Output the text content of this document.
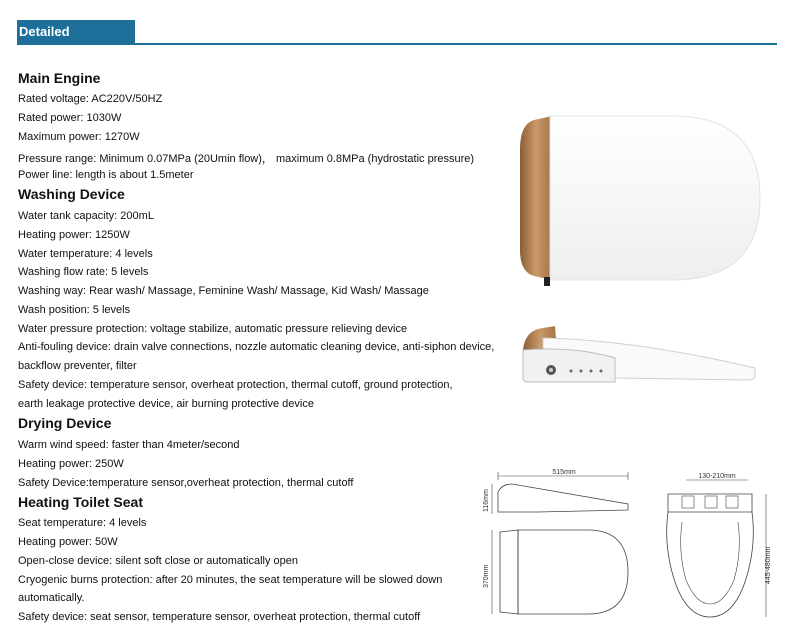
Detailed Parameter
Main Engine
Rated voltage: AC220V/50HZ
Rated power: 1030W
Maximum power: 1270W
Pressure range: Minimum 0.07MPa (20Umin flow)， maximum 0.8MPa (hydrostatic pressure)
Power line: length is about 1.5meter
Washing Device
Water tank capacity: 200mL
Heating power: 1250W
Water temperature: 4 levels
Washing flow rate: 5 levels
Washing way: Rear wash/ Massage, Feminine Wash/ Massage, Kid Wash/ Massage
Wash position: 5 levels
Water pressure protection: voltage stabilize, automatic pressure relieving device
Anti-fouling device: drain valve connections, nozzle automatic cleaning device, anti-siphon device,
backflow preventer, filter
Safety device: temperature sensor, overheat protection, thermal cutoff, ground protection,
earth leakage protective device, air burning protective device
Drying Device
Warm wind speed: faster than 4meter/second
Heating power: 250W
Safety Device:temperature sensor,overheat protection, thermal cutoff
Heating Toilet Seat
Seat temperature: 4 levels
Heating power: 50W
Open-close device: silent soft close or automatically open
Cryogenic burns protection: after 20 minutes, the seat temperature will be slowed down
automatically.
Safety device: seat sensor, temperature sensor, overheat protection, thermal cutoff
515mm
116mm
370mm
130-210mm
445-480mm
